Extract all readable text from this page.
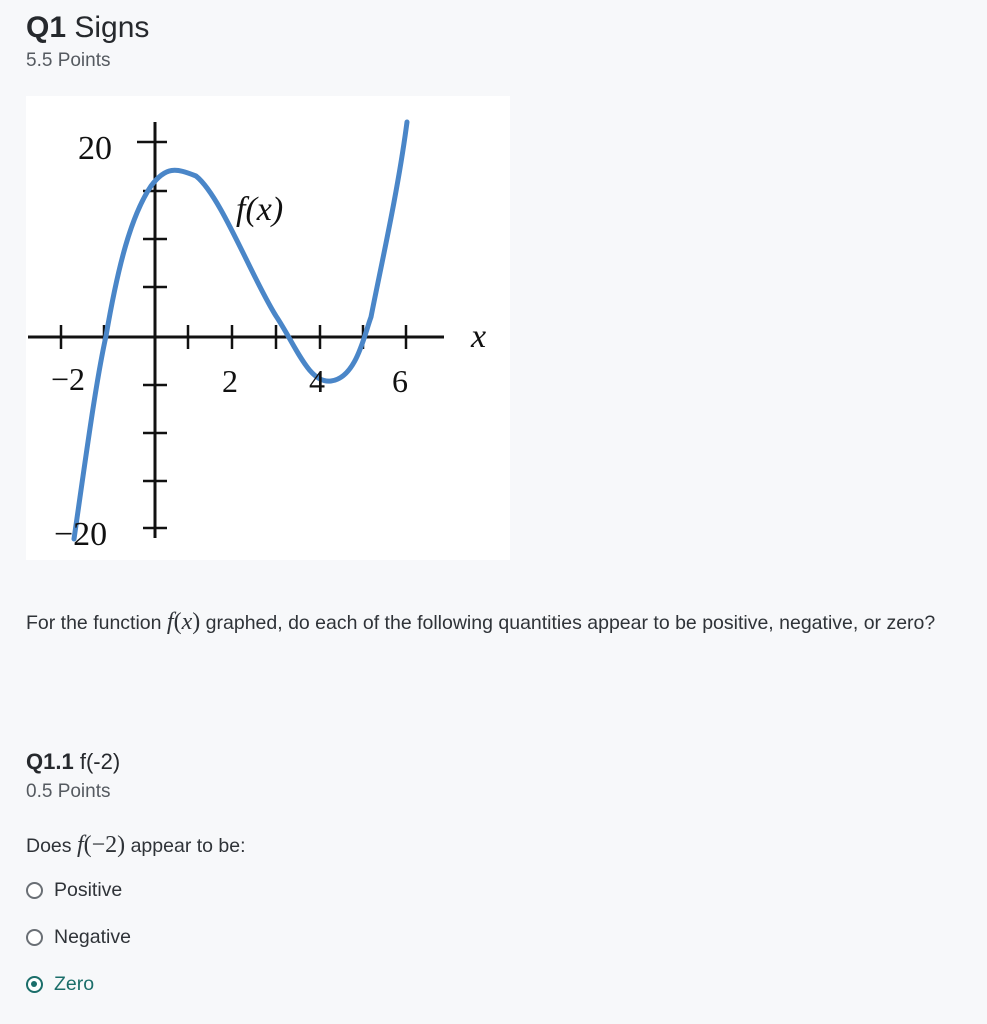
Q1 Signs
5.5 Points
20
−20
−2	2 4 6
x
f(x)
For the function f(x) graphed, do each of the following quantities appear to be positive, negative, or zero?
Q1.1 f(-2)
0.5 Points
Does f(−2) appear to be:
Positive
Negative
Zero
